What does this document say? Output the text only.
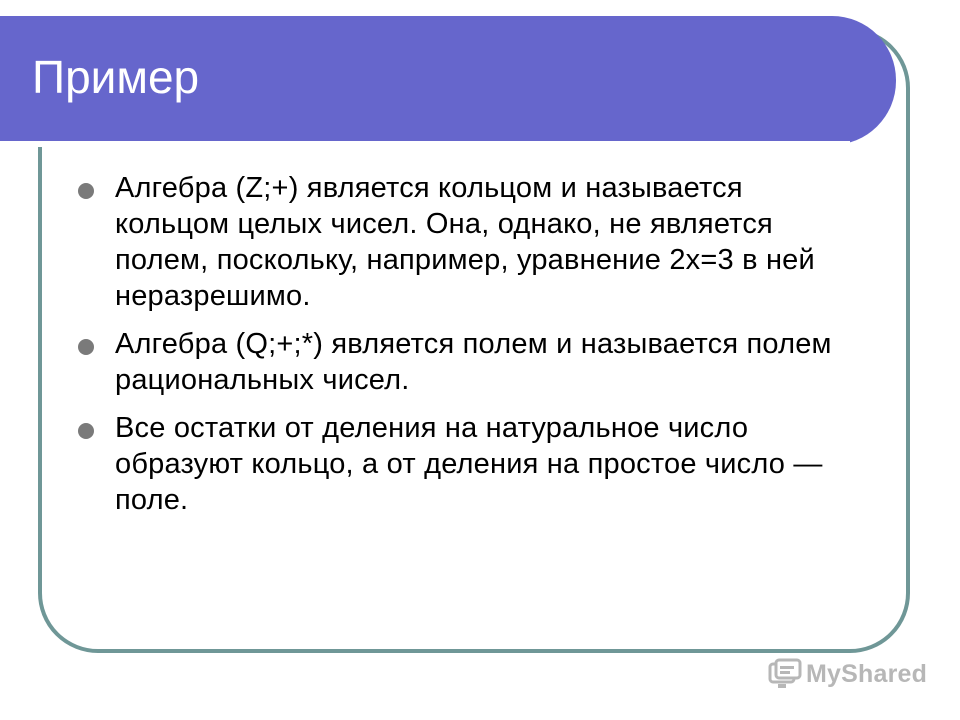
Пример
Алгебра (Z;+) является кольцом и называется кольцом целых чисел. Она, однако, не является полем, поскольку, например, уравнение 2x=3 в ней неразрешимо.
Алгебра (Q;+;*) является полем и называется полем рациональных чисел.
Все остатки от деления на натуральное число образуют кольцо, а от деления на простое число — поле.
MyShared
